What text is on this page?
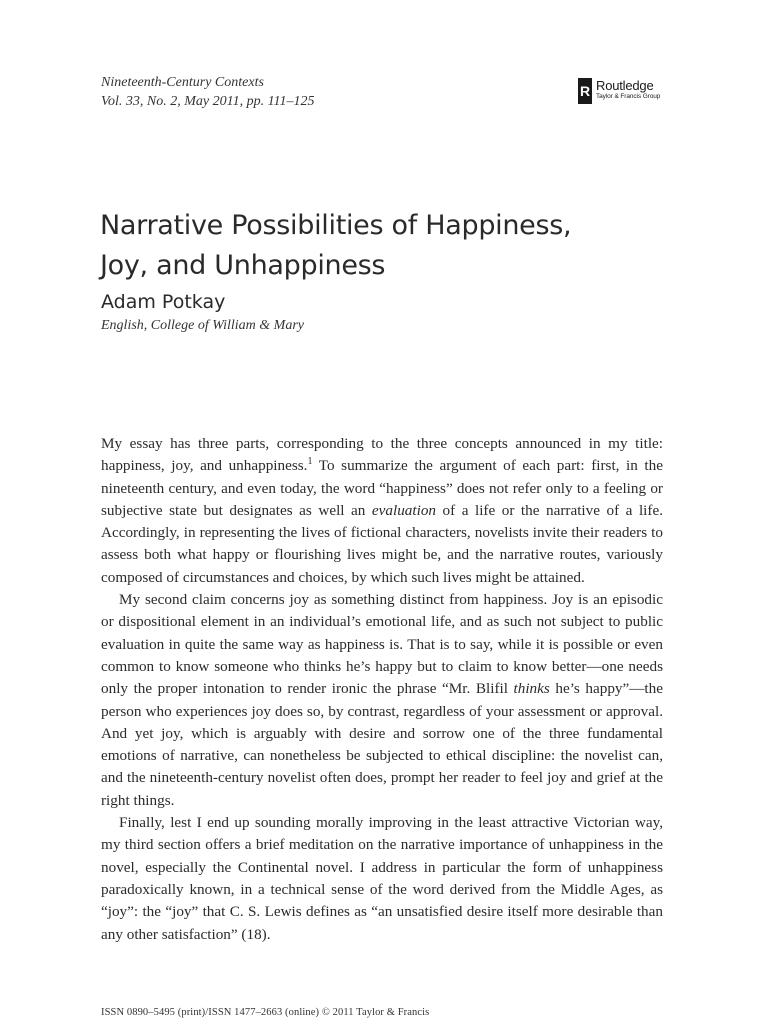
Nineteenth-Century Contexts
Vol. 33, No. 2, May 2011, pp. 111–125
R Routledge
Taylor & Francis Group
Narrative Possibilities of Happiness,
Joy, and Unhappiness
Adam Potkay
English, College of William & Mary

My essay has three parts, corresponding to the three concepts announced in my title: happiness, joy, and unhappiness.$^1$ To summarize the argument of each part: first, in the nineteenth century, and even today, the word “happiness” does not refer only to a feeling or subjective state but designates as well an evaluation of a life or the narrative of a life. Accordingly, in representing the lives of fictional characters, novelists invite their readers to assess both what happy or flourishing lives might be, and the narrative routes, variously composed of circumstances and choices, by which such lives might be attained.

My second claim concerns joy as something distinct from happiness. Joy is an episodic or dispositional element in an individual’s emotional life, and as such not subject to public evaluation in quite the same way as happiness is. That is to say, while it is possible or even common to know someone who thinks he’s happy but to claim to know better—one needs only the proper intonation to render ironic the phrase “Mr. Blifil thinks he’s happy”—the person who experiences joy does so, by contrast, regardless of your assessment or approval. And yet joy, which is arguably with desire and sorrow one of the three fundamental emotions of narrative, can nonetheless be subjected to ethical discipline: the novelist can, and the nineteenth-century novelist often does, prompt her reader to feel joy and grief at the right things.

Finally, lest I end up sounding morally improving in the least attractive Victorian way, my third section offers a brief meditation on the narrative importance of unhappiness in the novel, especially the Continental novel. I address in particular the form of unhappiness paradoxically known, in a technical sense of the word derived from the Middle Ages, as “joy”: the “joy” that C. S. Lewis defines as “an unsatisfied desire itself more desirable than any other satisfaction” (18).

ISSN 0890–5495 (print)/ISSN 1477–2663 (online) © 2011 Taylor & Francis
